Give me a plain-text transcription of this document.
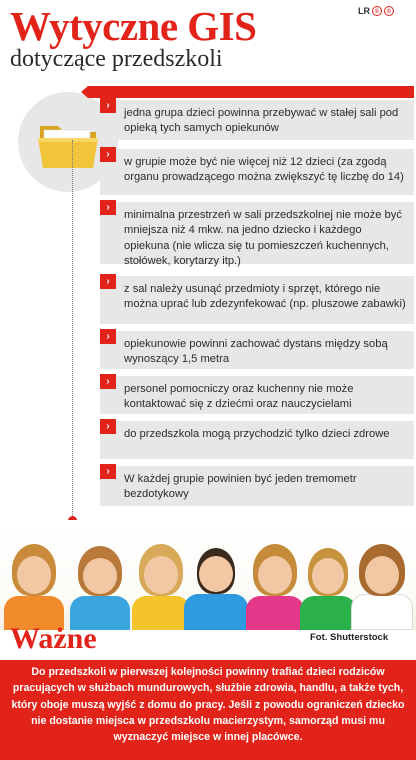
Wytyczne GIS
dotyczące przedszkoli
LR ©	©
›
jedna grupa dzieci powinna przebywać w stałej sali pod opieką tych samych opiekunów
›
w grupie może być nie więcej niż 12 dzieci (za zgodą organu prowadzącego można zwiększyć tę liczbę do 14)
›
minimalna przestrzeń w sali przedszkolnej nie może być mniejsza niż 4 mkw. na jedno dziecko i każdego opiekuna (nie wlicza się tu pomieszczeń kuchennych, stołówek, korytarzy itp.)
›
z sal należy usunąć przedmioty i sprzęt, którego nie można uprać lub zdezynfekować (np. pluszowe zabawki)
›
opiekunowie powinni zachować dystans między sobą wynoszący 1,5 metra
›
personel pomocniczy oraz kuchenny nie może kontaktować się z dziećmi oraz nauczycielami
›
do przedszkola mogą przychodzić tylko dzieci zdrowe
›
W każdej grupie powinien być jeden tremometr bezdotykowy
Ważne	Fot. Shutterstock
Do przedszkoli w pierwszej kolejności powinny trafiać dzieci rodziców pracujących w służbach mundurowych, służbie zdrowia, handlu, a także tych, który oboje muszą wyjść z domu do pracy. Jeśli z powodu ograniczeń dziecko nie dostanie miejsca w przedszkolu macierzystym, samorząd musi mu wyznaczyć miejsce w innej placówce.
